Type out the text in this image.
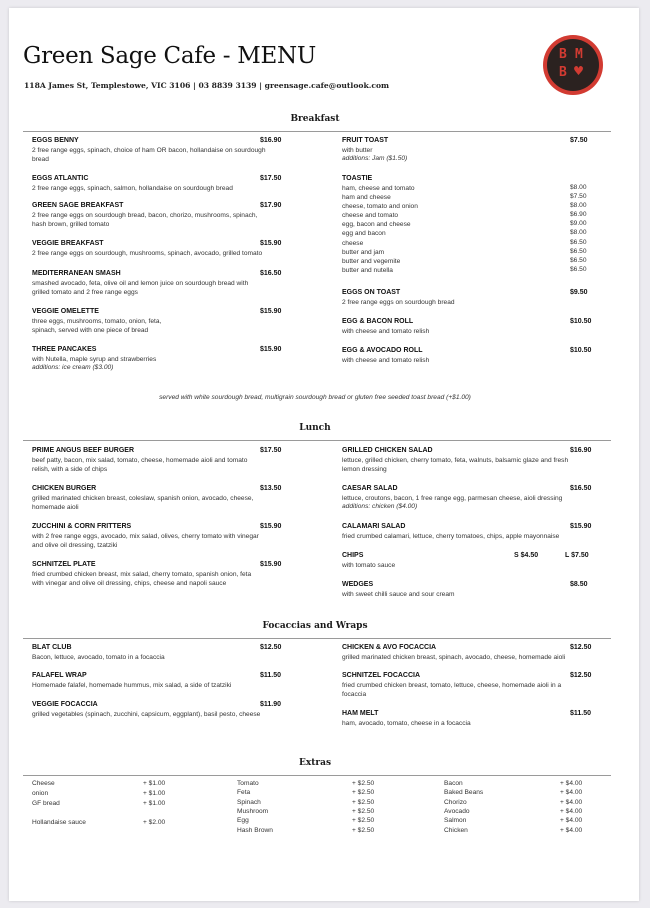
Green Sage Cafe - MENU
118A James St, Templestowe, VIC 3106 | 03 8839 3139 | greensage.cafe@outlook.com
B M
B ♥
Breakfast
EGGS BENNY	$16.90
2 free range eggs, spinach, choice of ham OR bacon, hollandaise on sourdough
bread
EGGS ATLANTIC	$17.50
2 free range eggs, spinach, salmon, hollandaise on sourdough bread
GREEN SAGE BREAKFAST	$17.90
2 free range eggs on sourdough bread, bacon, chorizo, mushrooms, spinach,
hash brown, grilled tomato
VEGGIE BREAKFAST	$15.90
2 free range eggs on sourdough, mushrooms, spinach, avocado, grilled tomato
MEDITERRANEAN SMASH	$16.50
smashed avocado, feta, olive oil and lemon juice on sourdough bread with
grilled tomato and 2 free range eggs
VEGGIE OMELETTE	$15.90
three eggs, mushrooms, tomato, onion, feta,
spinach, served with one piece of bread
THREE PANCAKES	$15.90
with Nutella, maple syrup and strawberries
additions: ice cream ($3.00)
FRUIT TOAST	$7.50
with butter
additions: Jam ($1.50)
TOASTIE
ham, cheese and tomato	$8.00
ham and cheese	$7.50
cheese, tomato and onion	$8.00
cheese and tomato	$6.90
egg, bacon and cheese	$9.00
egg and bacon	$8.00
cheese	$6.50
butter and jam	$6.50
butter and vegemite	$6.50
butter and nutella	$6.50
EGGS ON TOAST	$9.50
2 free range eggs on sourdough bread
EGG & BACON ROLL	$10.50
with cheese and tomato relish
EGG & AVOCADO ROLL	$10.50
with cheese and tomato relish
served with white sourdough bread, multigrain sourdough bread or gluten free seeded toast bread (+$1.00)
Lunch
PRIME ANGUS BEEF BURGER	$17.50
beef patty, bacon, mix salad, tomato, cheese, homemade aioli and tomato
relish, with a side of chips
CHICKEN BURGER	$13.50
grilled marinated chicken breast, coleslaw, spanish onion, avocado, cheese,
homemade aioli
ZUCCHINI & CORN FRITTERS	$15.90
with 2 free range eggs, avocado, mix salad, olives, cherry tomato with vinegar
and olive oil dressing, tzatziki
SCHNITZEL PLATE	$15.90
fried crumbed chicken breast, mix salad, cherry tomato, spanish onion, feta
with vinegar and olive oil dressing, chips, cheese and napoli sauce
GRILLED CHICKEN SALAD	$16.90
lettuce, grilled chicken, cherry tomato, feta, walnuts, balsamic glaze and fresh
lemon dressing
CAESAR SALAD	$16.50
lettuce, croutons, bacon, 1 free range egg, parmesan cheese, aioli dressing
additions: chicken ($4.00)
CALAMARI SALAD	$15.90
fried crumbed calamari, lettuce, cherry tomatoes, chips, apple mayonnaise
CHIPS	S $4.50	L $7.50
with tomato sauce
WEDGES	$8.50
with sweet chilli sauce and sour cream
Focaccias and Wraps
BLAT CLUB	$12.50
Bacon, lettuce, avocado, tomato in a focaccia
FALAFEL WRAP	$11.50
Homemade falafel, homemade hummus, mix salad, a side of tzatziki
VEGGIE FOCACCIA	$11.90
grilled vegetables (spinach, zucchini, capsicum, eggplant), basil pesto, cheese
CHICKEN & AVO FOCACCIA	$12.50
grilled marinated chicken breast, spinach, avocado, cheese, homemade aioli
SCHNITZEL FOCACCIA	$12.50
fried crumbed chicken breast, tomato, lettuce, cheese, homemade aioli in a
focaccia
HAM MELT	$11.50
ham, avocado, tomato, cheese in a focaccia
Extras
Cheese	+ $1.00
onion	+ $1.00
GF bread	+ $1.00
Hollandaise sauce	+ $2.00
Tomato	+ $2.50
Feta	+ $2.50
Spinach	+ $2.50
Mushroom	+ $2.50
Egg	+ $2.50
Hash Brown	+ $2.50
Bacon	+ $4.00
Baked Beans	+ $4.00
Chorizo	+ $4.00
Avocado	+ $4.00
Salmon	+ $4.00
Chicken	+ $4.00
